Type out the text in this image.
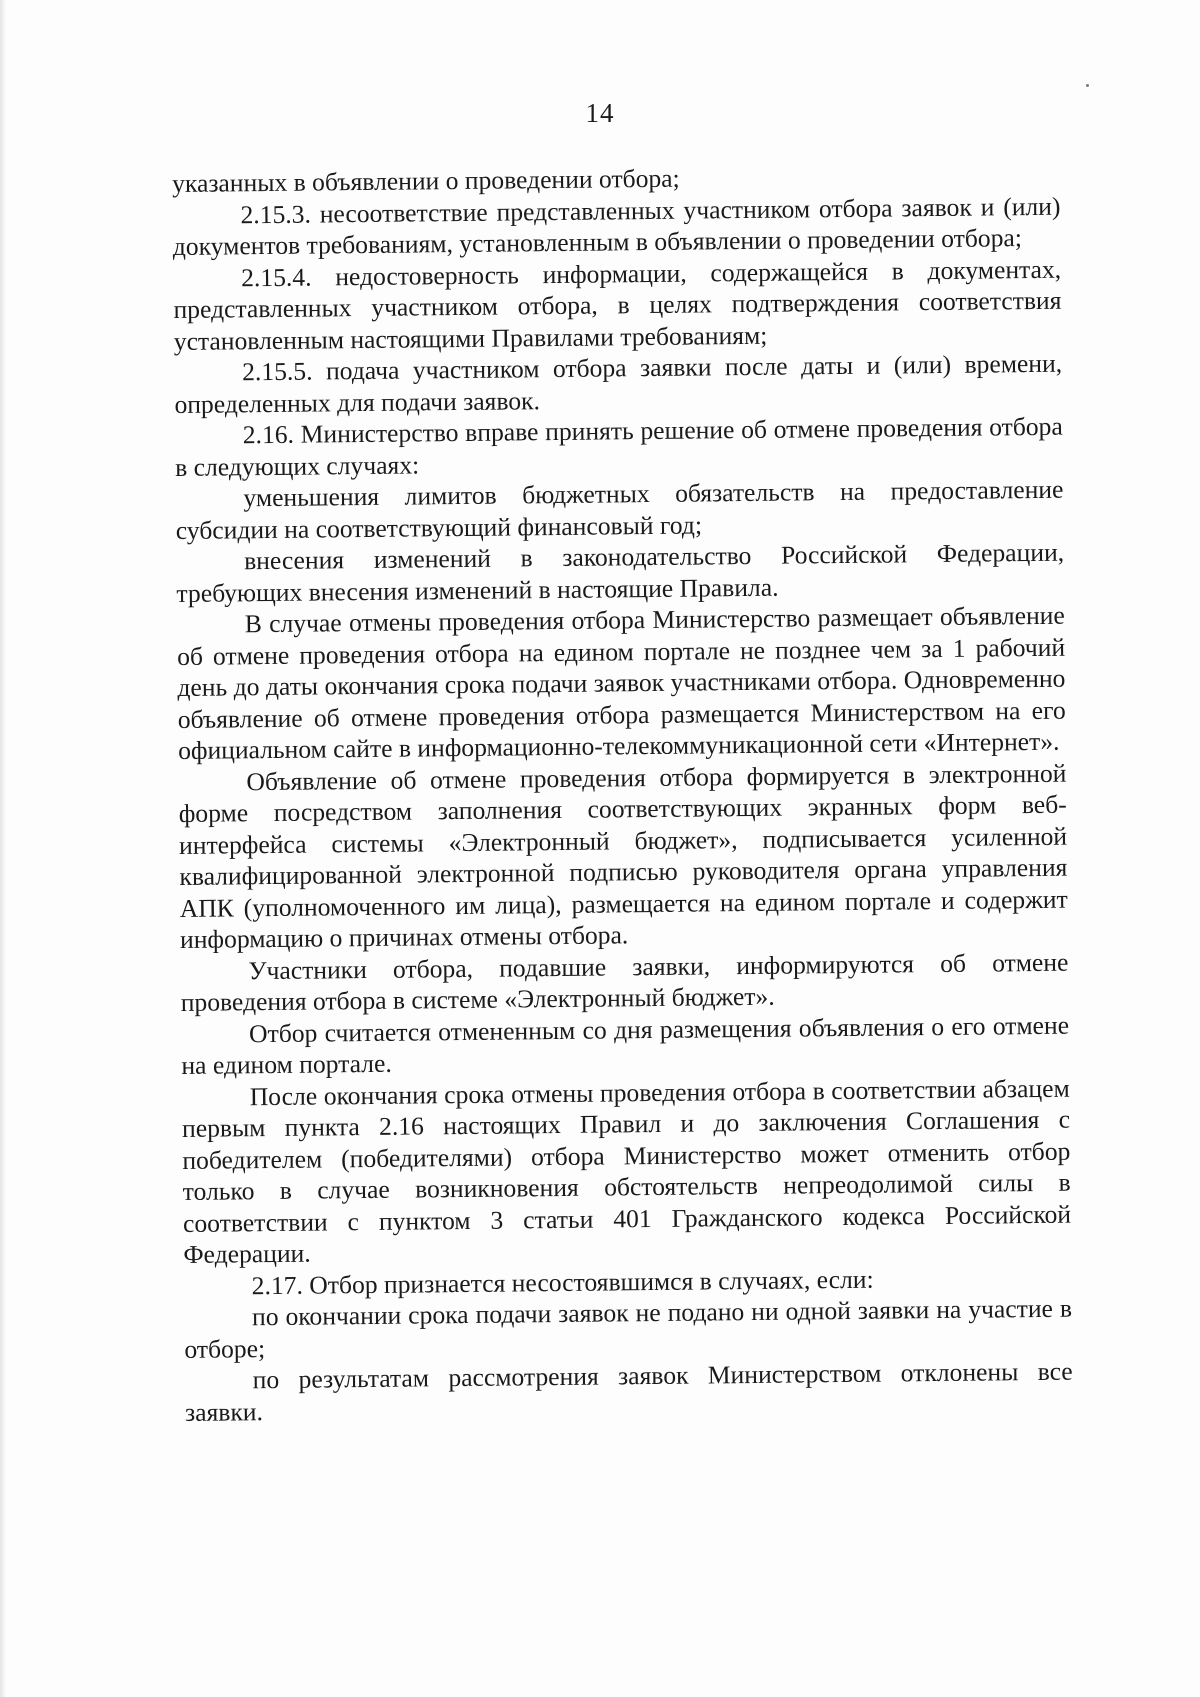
14

указанных в объявлении о проведении отбора;

2.15.3. несоответствие представленных участником отбора заявок и (или) документов требованиям, установленным в объявлении о проведении отбора;

2.15.4. недостоверность информации, содержащейся в документах, представленных участником отбора, в целях подтверждения соответствия установленным настоящими Правилами требованиям;

2.15.5. подача участником отбора заявки после даты и (или) времени, определенных для подачи заявок.

2.16. Министерство вправе принять решение об отмене проведения отбора в следующих случаях:

уменьшения лимитов бюджетных обязательств на предоставление субсидии на соответствующий финансовый год;

внесения изменений в законодательство Российской Федерации, требующих внесения изменений в настоящие Правила.

В случае отмены проведения отбора Министерство размещает объявление об отмене проведения отбора на едином портале не позднее чем за 1 рабочий день до даты окончания срока подачи заявок участниками отбора. Одновременно объявление об отмене проведения отбора размещается Министерством на его официальном сайте в информационно-телекоммуникационной сети «Интернет».

Объявление об отмене проведения отбора формируется в электронной форме посредством заполнения соответствующих экранных форм веб-интерфейса системы «Электронный бюджет», подписывается усиленной квалифицированной электронной подписью руководителя органа управления АПК (уполномоченного им лица), размещается на едином портале и содержит информацию о причинах отмены отбора.

Участники отбора, подавшие заявки, информируются об отмене проведения отбора в системе «Электронный бюджет».

Отбор считается отмененным со дня размещения объявления о его отмене на едином портале.

После окончания срока отмены проведения отбора в соответствии абзацем первым пункта 2.16 настоящих Правил и до заключения Соглашения с победителем (победителями) отбора Министерство может отменить отбор только в случае возникновения обстоятельств непреодолимой силы в соответствии с пунктом 3 статьи 401 Гражданского кодекса Российской Федерации.

2.17. Отбор признается несостоявшимся в случаях, если:

по окончании срока подачи заявок не подано ни одной заявки на участие в отборе;

по результатам рассмотрения заявок Министерством отклонены все заявки.
